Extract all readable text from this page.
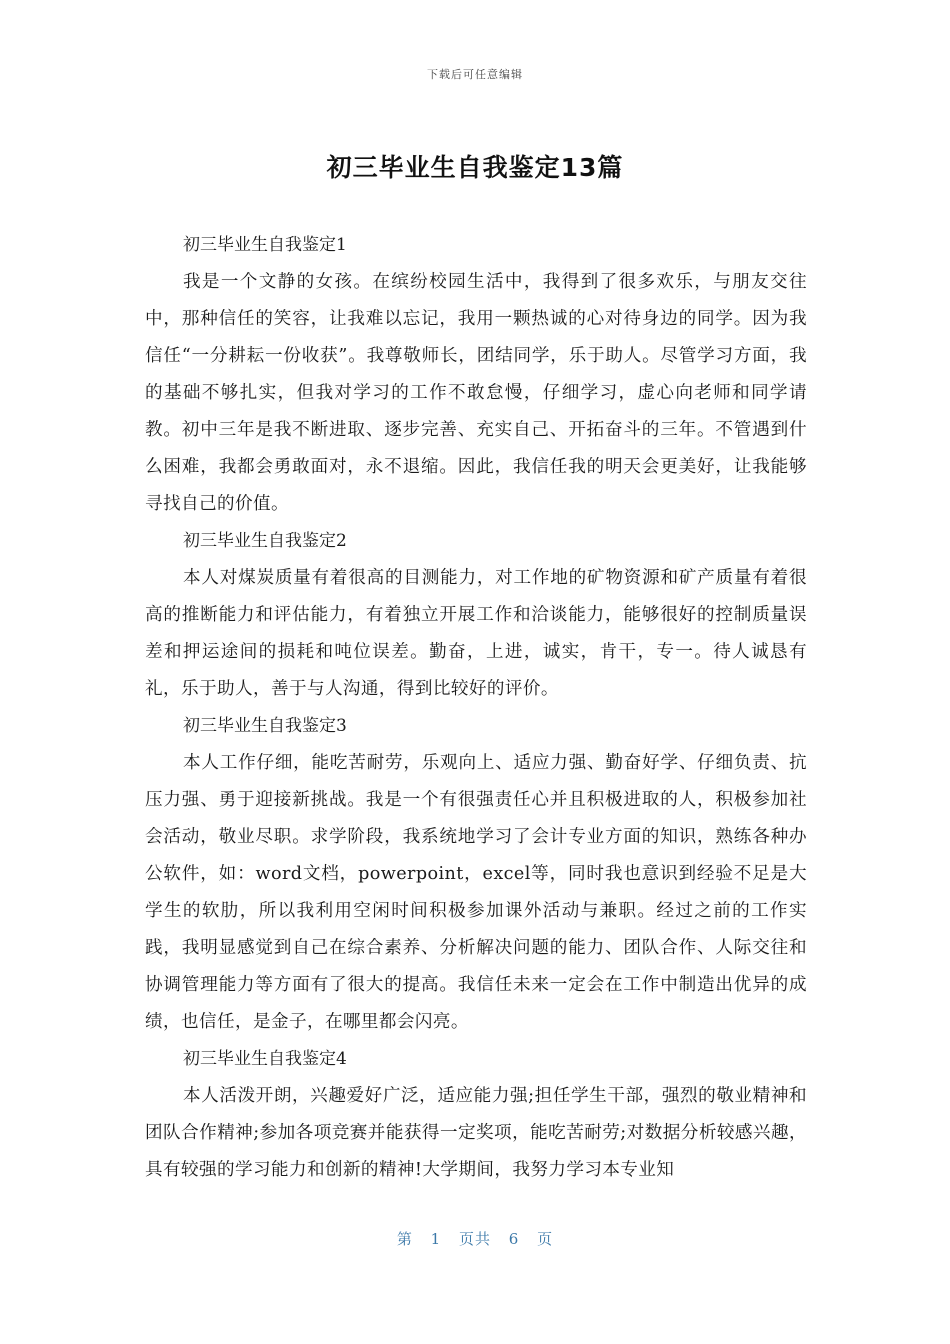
下载后可任意编辑
初三毕业生自我鉴定13篇

初三毕业生自我鉴定1

我是一个文静的女孩。在缤纷校园生活中，我得到了很多欢乐，与朋友交往中，那种信任的笑容，让我难以忘记，我用一颗热诚的心对待身边的同学。因为我信任“一分耕耘一份收获”。我尊敬师长，团结同学，乐于助人。尽管学习方面，我的基础不够扎实，但我对学习的工作不敢怠慢，仔细学习，虚心向老师和同学请教。初中三年是我不断进取、逐步完善、充实自己、开拓奋斗的三年。不管遇到什么困难，我都会勇敢面对，永不退缩。因此，我信任我的明天会更美好，让我能够寻找自己的价值。

初三毕业生自我鉴定2

本人对煤炭质量有着很高的目测能力，对工作地的矿物资源和矿产质量有着很高的推断能力和评估能力，有着独立开展工作和洽谈能力，能够很好的控制质量误差和押运途间的损耗和吨位误差。勤奋，上进，诚实，肯干，专一。待人诚恳有礼，乐于助人，善于与人沟通，得到比较好的评价。

初三毕业生自我鉴定3

本人工作仔细，能吃苦耐劳，乐观向上、适应力强、勤奋好学、仔细负责、抗压力强、勇于迎接新挑战。我是一个有很强责任心并且积极进取的人，积极参加社会活动，敬业尽职。求学阶段，我系统地学习了会计专业方面的知识，熟练各种办公软件，如：word文档，powerpoint，excel等，同时我也意识到经验不足是大学生的软肋，所以我利用空闲时间积极参加课外活动与兼职。经过之前的工作实践，我明显感觉到自己在综合素养、分析解决问题的能力、团队合作、人际交往和协调管理能力等方面有了很大的提高。我信任未来一定会在工作中制造出优异的成绩，也信任，是金子，在哪里都会闪亮。

初三毕业生自我鉴定4

本人活泼开朗，兴趣爱好广泛，适应能力强;担任学生干部，强烈的敬业精神和团队合作精神;参加各项竞赛并能获得一定奖项，能吃苦耐劳;对数据分析较感兴趣，具有较强的学习能力和创新的精神!大学期间，我努力学习本专业知

第 1 页共 6 页
